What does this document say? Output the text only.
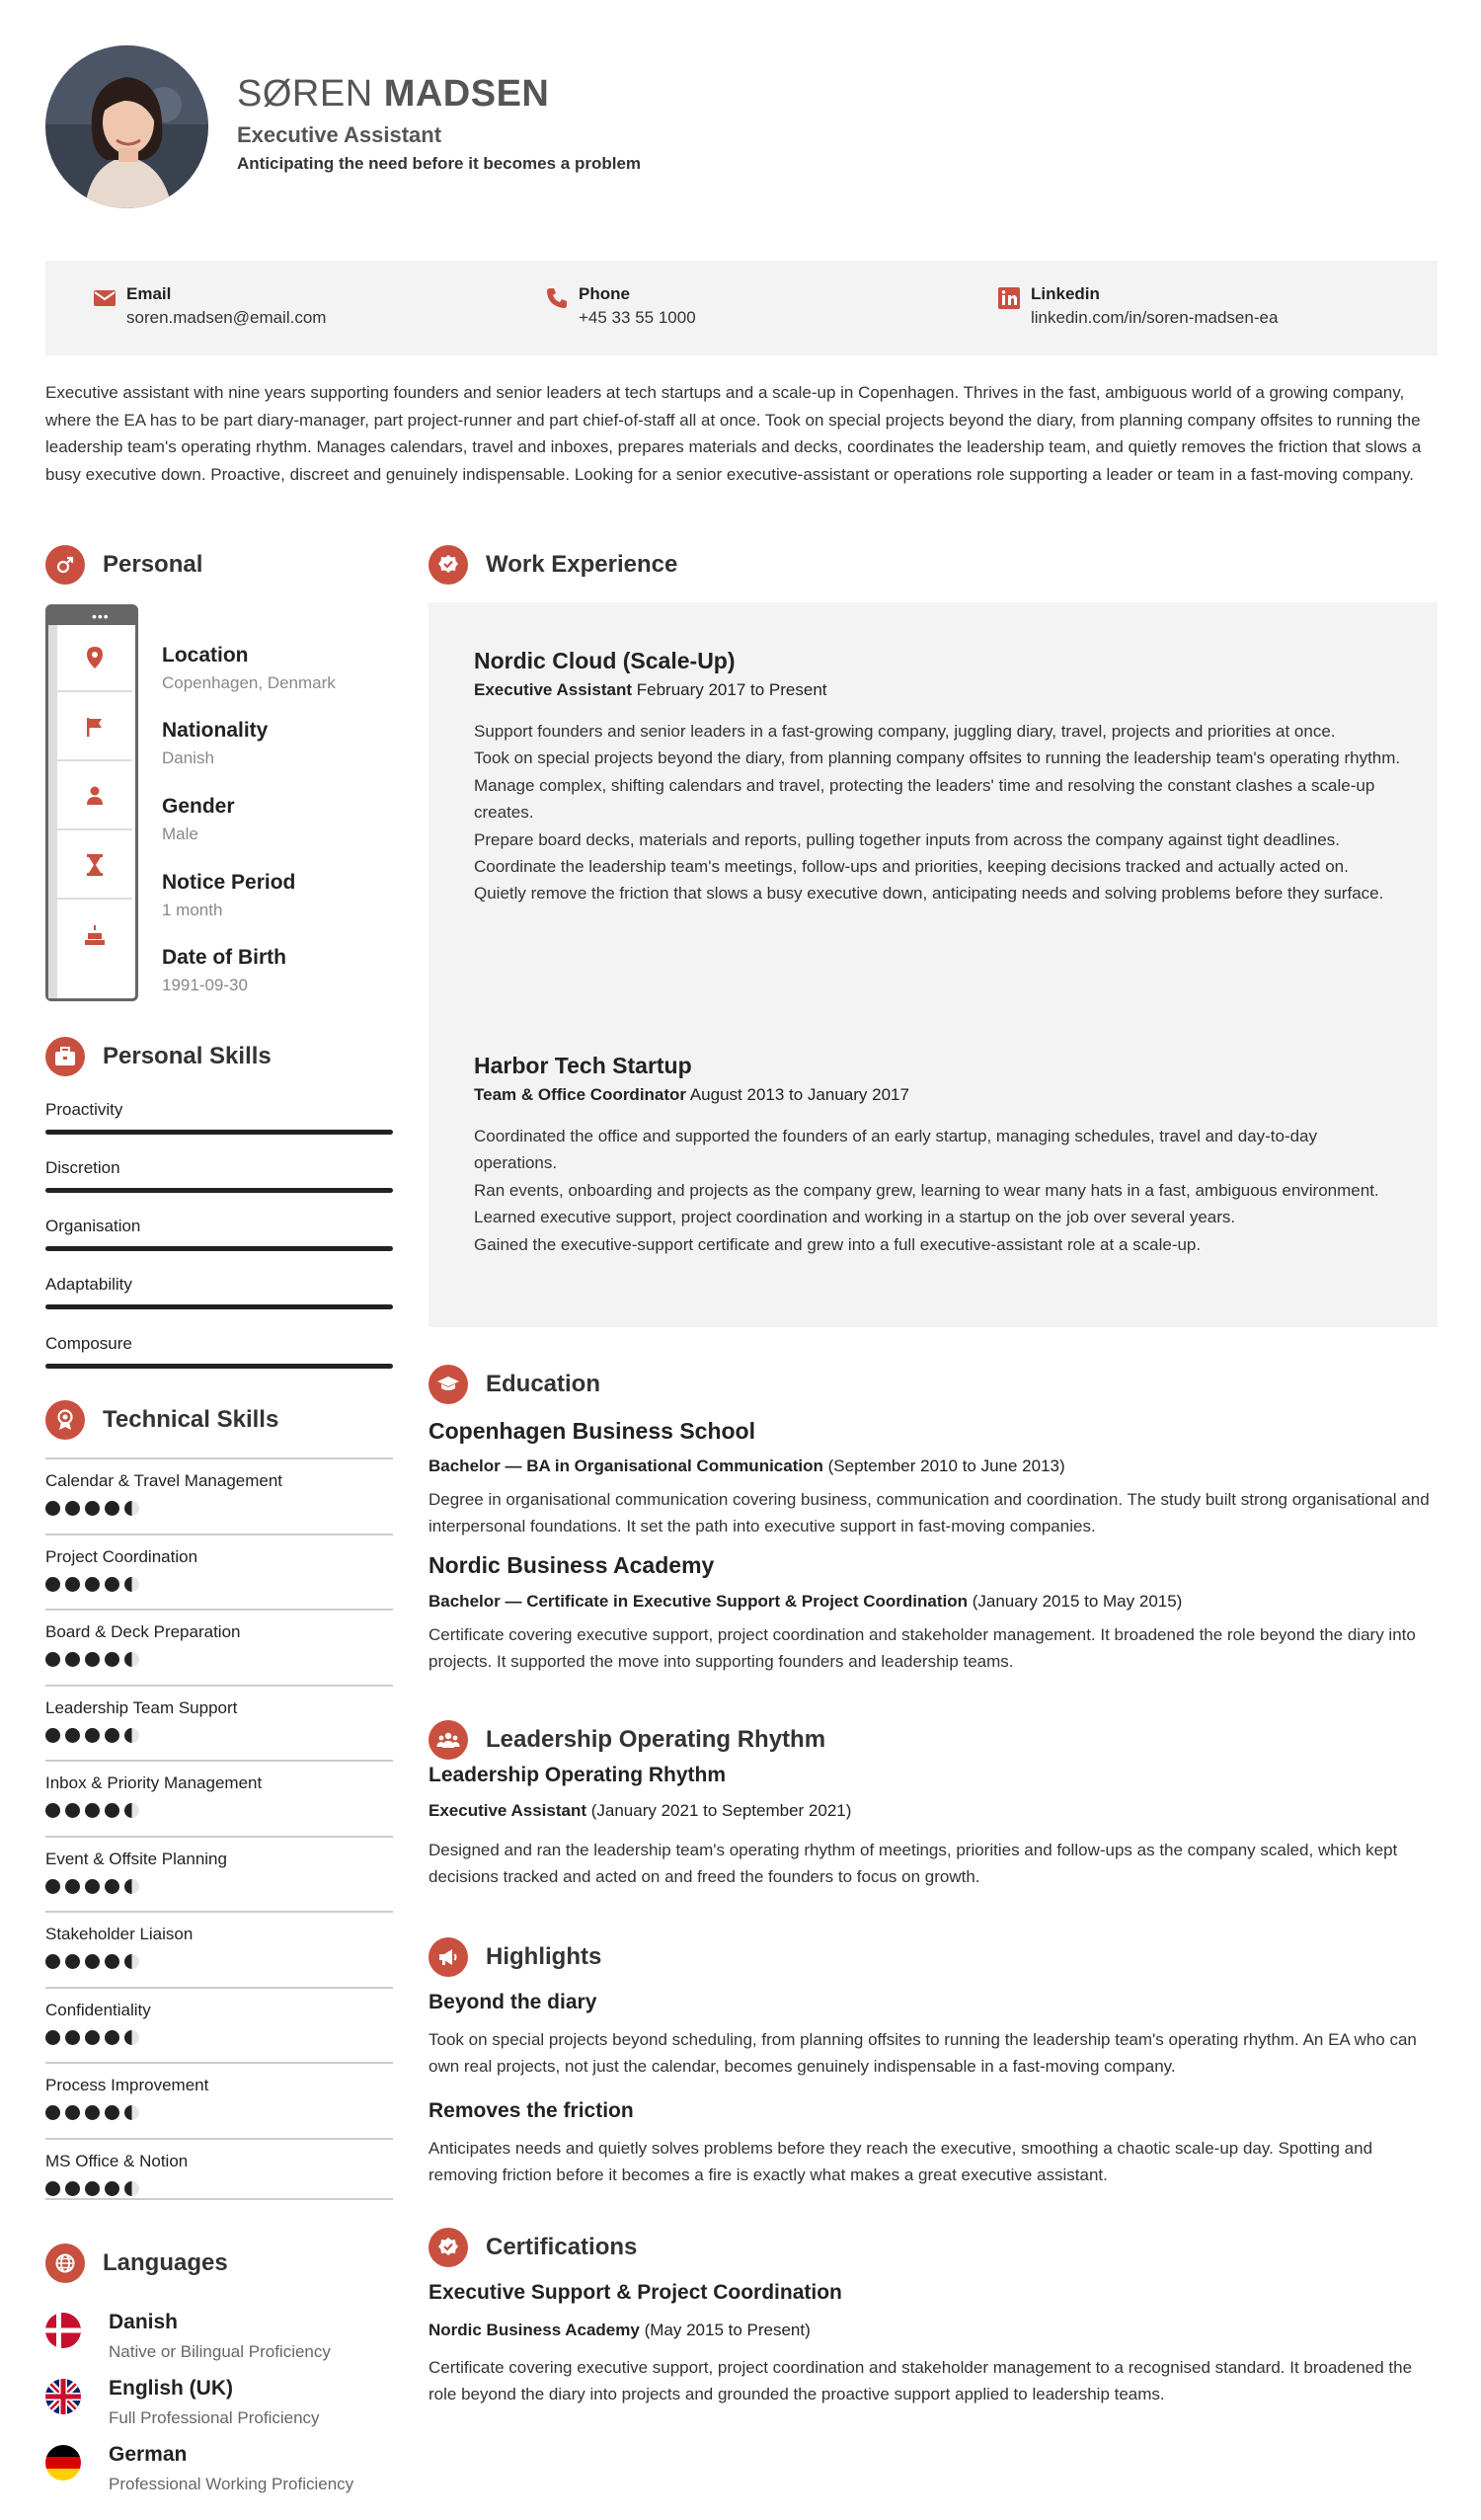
SØREN MADSEN
Executive Assistant
Anticipating the need before it becomes a problem
Email
soren.madsen@email.com
Phone
+45 33 55 1000
Linkedin
linkedin.com/in/soren-madsen-ea
Executive assistant with nine years supporting founders and senior leaders at tech startups and a scale-up in Copenhagen. Thrives in the fast, ambiguous world of a growing company, where the EA has to be part diary-manager, part project-runner and part chief-of-staff all at once. Took on special projects beyond the diary, from planning company offsites to running the leadership team's operating rhythm. Manages calendars, travel and inboxes, prepares materials and decks, coordinates the leadership team, and quietly removes the friction that slows a busy executive down. Proactive, discreet and genuinely indispensable. Looking for a senior executive-assistant or operations role supporting a leader or team in a fast-moving company.
Personal
•••
Location
Copenhagen, Denmark
Nationality
Danish
Gender
Male
Notice Period
1 month
Date of Birth
1991-09-30
Personal Skills
Proactivity
Discretion
Organisation
Adaptability
Composure
Technical Skills
Calendar & Travel Management
Project Coordination
Board & Deck Preparation
Leadership Team Support
Inbox & Priority Management
Event & Offsite Planning
Stakeholder Liaison
Confidentiality
Process Improvement
MS Office & Notion
Languages
Danish
Native or Bilingual Proficiency
English (UK)
Full Professional Proficiency
German
Professional Working Proficiency
Work Experience
Nordic Cloud (Scale-Up)
Executive Assistant February 2017 to Present
Support founders and senior leaders in a fast-growing company, juggling diary, travel, projects and priorities at once.
Took on special projects beyond the diary, from planning company offsites to running the leadership team's operating rhythm.
Manage complex, shifting calendars and travel, protecting the leaders' time and resolving the constant clashes a scale-up creates.
Prepare board decks, materials and reports, pulling together inputs from across the company against tight deadlines.
Coordinate the leadership team's meetings, follow-ups and priorities, keeping decisions tracked and actually acted on.
Quietly remove the friction that slows a busy executive down, anticipating needs and solving problems before they surface.
Harbor Tech Startup
Team & Office Coordinator August 2013 to January 2017
Coordinated the office and supported the founders of an early startup, managing schedules, travel and day-to-day operations.
Ran events, onboarding and projects as the company grew, learning to wear many hats in a fast, ambiguous environment.
Learned executive support, project coordination and working in a startup on the job over several years.
Gained the executive-support certificate and grew into a full executive-assistant role at a scale-up.
Education
Copenhagen Business School
Bachelor — BA in Organisational Communication (September 2010 to June 2013)
Degree in organisational communication covering business, communication and coordination. The study built strong organisational and interpersonal foundations. It set the path into executive support in fast-moving companies.
Nordic Business Academy
Bachelor — Certificate in Executive Support & Project Coordination (January 2015 to May 2015)
Certificate covering executive support, project coordination and stakeholder management. It broadened the role beyond the diary into projects. It supported the move into supporting founders and leadership teams.
Leadership Operating Rhythm
Leadership Operating Rhythm
Executive Assistant (January 2021 to September 2021)
Designed and ran the leadership team's operating rhythm of meetings, priorities and follow-ups as the company scaled, which kept decisions tracked and acted on and freed the founders to focus on growth.
Highlights
Beyond the diary
Took on special projects beyond scheduling, from planning offsites to running the leadership team's operating rhythm. An EA who can own real projects, not just the calendar, becomes genuinely indispensable in a fast-moving company.
Removes the friction
Anticipates needs and quietly solves problems before they reach the executive, smoothing a chaotic scale-up day. Spotting and removing friction before it becomes a fire is exactly what makes a great executive assistant.
Certifications
Executive Support & Project Coordination
Nordic Business Academy (May 2015 to Present)
Certificate covering executive support, project coordination and stakeholder management to a recognised standard. It broadened the role beyond the diary into projects and grounded the proactive support applied to leadership teams.
